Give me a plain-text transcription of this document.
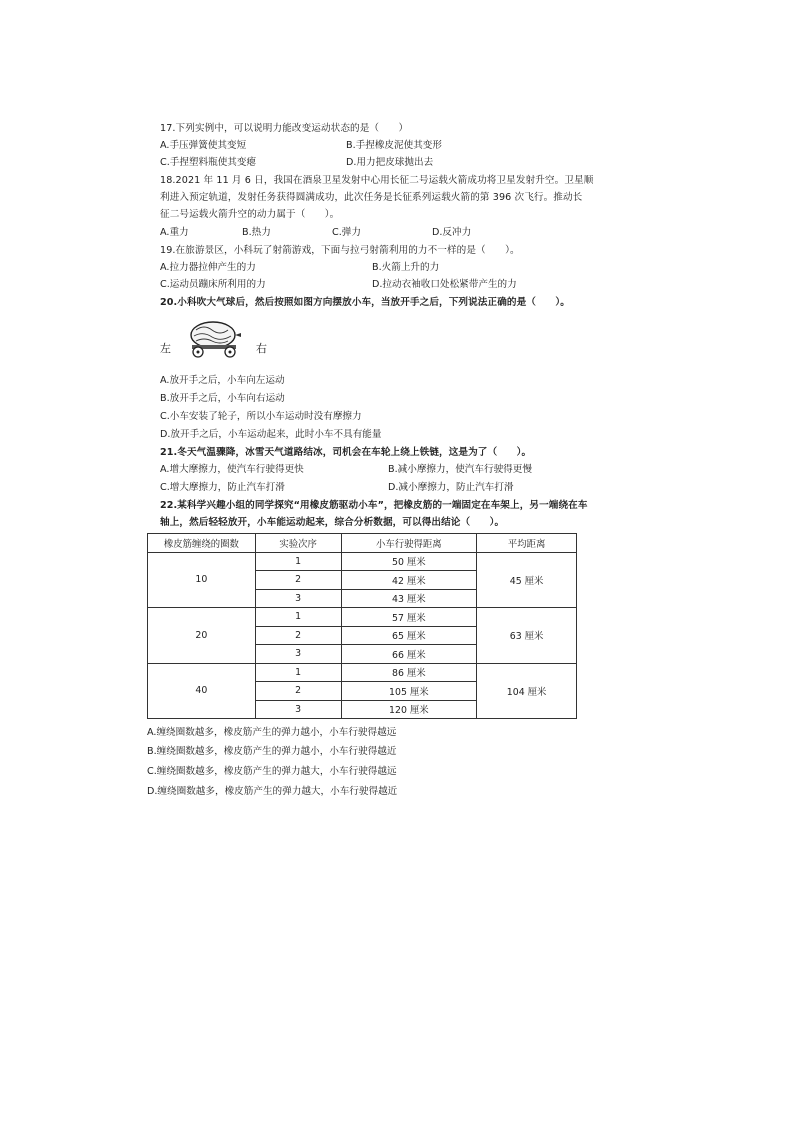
17.下列实例中，可以说明力能改变运动状态的是（　　）
A.手压弹簧使其变短	B.手捏橡皮泥使其变形
C.手捏塑料瓶使其变瘪	D.用力把皮球抛出去
18.2021 年 11 月 6 日，我国在酒泉卫星发射中心用长征二号运载火箭成功将卫星发射升空。卫星顺
利进入预定轨道，发射任务获得圆满成功，此次任务是长征系列运载火箭的第 396 次飞行。推动长
征二号运载火箭升空的动力属于（　　）。
A.重力	B.热力	C.弹力	D.反冲力
19.在旅游景区，小科玩了射箭游戏，下面与拉弓射箭利用的力不一样的是（　　）。
A.拉力器拉伸产生的力	B.火箭上升的力
C.运动员蹦床所利用的力	D.拉动衣袖收口处松紧带产生的力
20.小科吹大气球后，然后按照如图方向摆放小车，当放开手之后，下列说法正确的是（　　）。
左	右
A.放开手之后，小车向左运动
B.放开手之后，小车向右运动
C.小车安装了轮子，所以小车运动时没有摩擦力
D.放开手之后，小车运动起来，此时小车不具有能量
21.冬天气温骤降，冰雪天气道路结冰，司机会在车轮上绕上铁链，这是为了（　　）。
A.增大摩擦力，使汽车行驶得更快	B.减小摩擦力，使汽车行驶得更慢
C.增大摩擦力，防止汽车打滑	D.减小摩擦力，防止汽车打滑
22.某科学兴趣小组的同学探究“用橡皮筋驱动小车”，把橡皮筋的一端固定在车架上，另一端绕在车
轴上，然后轻轻放开，小车能运动起来，综合分析数据，可以得出结论（　　）。
橡皮筋缠绕的圈数	实验次序	小车行驶得距离	平均距离
10	1	50 厘米	45 厘米
	2	42 厘米	
	3	43 厘米	
20	1	57 厘米	63 厘米
	2	65 厘米	
	3	66 厘米	
40	1	86 厘米	104 厘米
	2	105 厘米	
	3	120 厘米	
A.缠绕圈数越多，橡皮筋产生的弹力越小，小车行驶得越远
B.缠绕圈数越多，橡皮筋产生的弹力越小，小车行驶得越近
C.缠绕圈数越多，橡皮筋产生的弹力越大，小车行驶得越远
D.缠绕圈数越多，橡皮筋产生的弹力越大，小车行驶得越近
